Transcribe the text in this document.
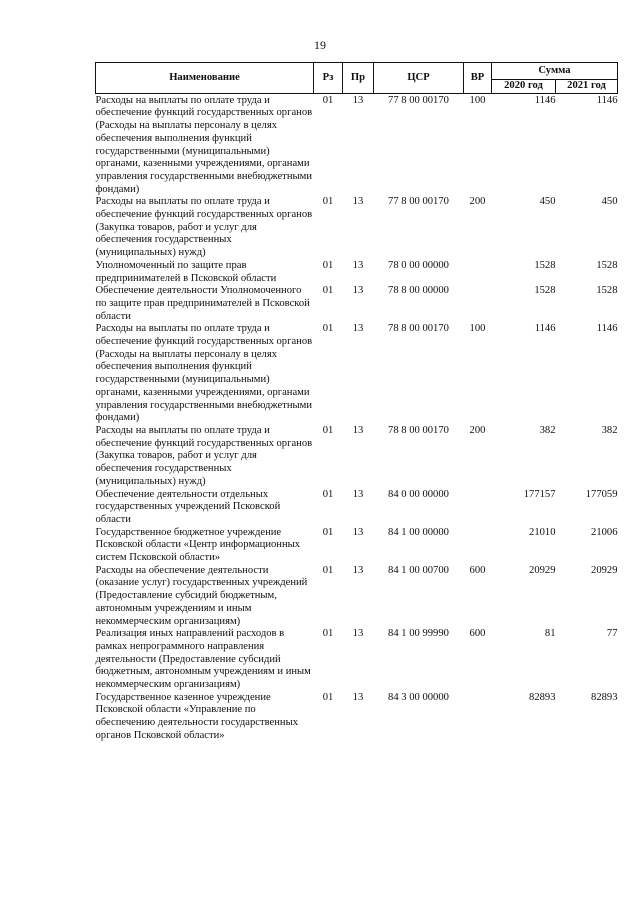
19
Наименование	Рз	Пр	ЦСР	ВР	Сумма	
					2020 год	2021 год
Расходы на выплаты по оплате труда и обеспечение функций государственных органов (Расходы на выплаты персоналу в целях обеспечения выполнения функций государственными (муниципальными) органами, казенными учреждениями, органами управления государственными внебюджетными фондами)	01	13	77 8 00 00170	100	1146	1146
Расходы на выплаты по оплате труда и обеспечение функций государственных органов (Закупка товаров, работ и услуг для обеспечения государственных (муниципальных) нужд)	01	13	77 8 00 00170	200	450	450
Уполномоченный по защите прав предпринимателей в Псковской области	01	13	78 0 00 00000		1528	1528
Обеспечение деятельности Уполномоченного по защите прав предпринимателей в Псковской области	01	13	78 8 00 00000		1528	1528
Расходы на выплаты по оплате труда и обеспечение функций государственных органов (Расходы на выплаты персоналу в целях обеспечения выполнения функций государственными (муниципальными) органами, казенными учреждениями, органами управления государственными внебюджетными фондами)	01	13	78 8 00 00170	100	1146	1146
Расходы на выплаты по оплате труда и обеспечение функций государственных органов (Закупка товаров, работ и услуг для обеспечения государственных (муниципальных) нужд)	01	13	78 8 00 00170	200	382	382
Обеспечение деятельности отдельных государственных учреждений Псковской области	01	13	84 0 00 00000		177157	177059
Государственное бюджетное учреждение Псковской области «Центр информационных систем Псковской области»	01	13	84 1 00 00000		21010	21006
Расходы на обеспечение деятельности (оказание услуг) государственных учреждений (Предоставление субсидий бюджетным, автономным учреждениям и иным некоммерческим организациям)	01	13	84 1 00 00700	600	20929	20929
Реализация иных направлений расходов в рамках непрограммного направления деятельности (Предоставление субсидий бюджетным, автономным учреждениям и иным некоммерческим организациям)	01	13	84 1 00 99990	600	81	77
Государственное казенное учреждение Псковской области «Управление по обеспечению деятельности государственных органов Псковской области»	01	13	84 3 00 00000		82893	82893
